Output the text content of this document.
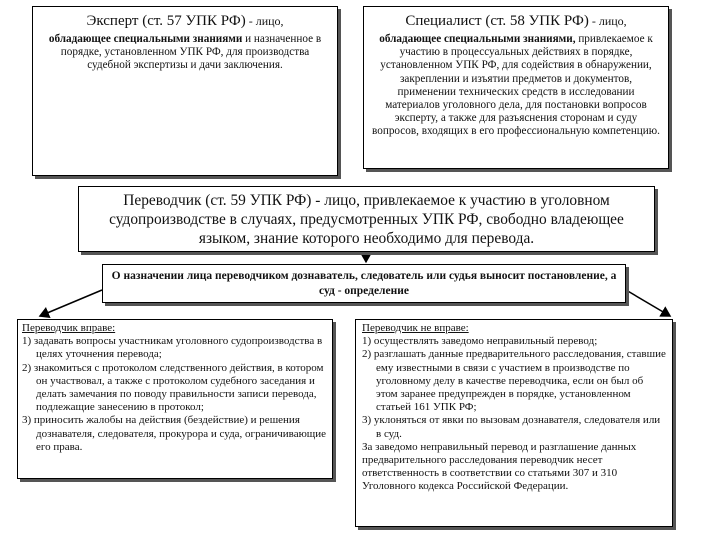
Эксперт (ст. 57 УПК РФ) - лицо,
обладающее специальными знаниями и назначенное в порядке, установленном УПК РФ, для производства судебной экспертизы и дачи заключения.
Специалист (ст. 58 УПК РФ) - лицо,
обладающее специальными знаниями, привлекаемое к участию в процессуальных действиях в порядке, установленном УПК РФ, для содействия в обнаружении, закреплении и изъятии предметов и документов, применении технических средств в исследовании материалов уголовного дела, для постановки вопросов эксперту, а также для разъяснения сторонам и суду вопросов, входящих в его профессиональную компетенцию.
Переводчик (ст. 59 УПК РФ) - лицо, привлекаемое к участию в уголовном судопроизводстве в случаях, предусмотренных УПК РФ, свободно владеющее языком, знание которого необходимо для перевода.
О назначении лица переводчиком дознаватель, следователь или судья выносит постановление, а суд - определение
Переводчик вправе:
1) задавать вопросы участникам уголовного судопроизводства в целях уточнения перевода;
2) знакомиться с протоколом следственного действия, в котором он участвовал, а также с протоколом судебного заседания и делать замечания по поводу правильности записи перевода, подлежащие занесению в протокол;
3) приносить жалобы на действия (бездействие) и решения дознавателя, следователя, прокурора и суда, ограничивающие его права.
Переводчик не вправе:
1) осуществлять заведомо неправильный перевод;
2) разглашать данные предварительного расследования, ставшие ему известными в связи с участием в производстве по уголовному делу в качестве переводчика, если он был об этом заранее предупрежден в порядке, установленном статьей 161 УПК РФ;
3) уклоняться от явки по вызовам дознавателя, следователя или в суд.
За заведомо неправильный перевод и разглашение данных предварительного расследования переводчик несет ответственность в соответствии со статьями 307 и 310 Уголовного кодекса Российской Федерации.
